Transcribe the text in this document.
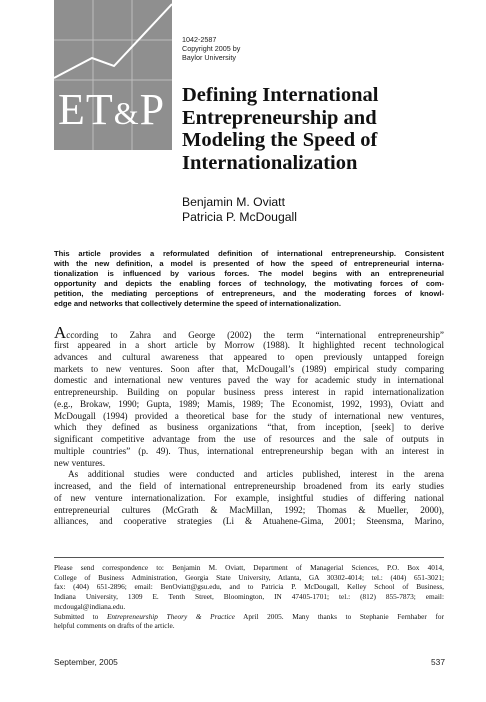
ET&P
1042-2587
Copyright 2005 by
Baylor University
Defining International
Entrepreneurship and
Modeling the Speed of
Internationalization
Benjamin M. Oviatt
Patricia P. McDougall
This article provides a reformulated definition of international entrepreneurship. Consistent
with the new definition, a model is presented of how the speed of entrepreneurial interna-
tionalization is influenced by various forces. The model begins with an entrepreneurial
opportunity and depicts the enabling forces of technology, the motivating forces of com-
petition, the mediating perceptions of entrepreneurs, and the moderating forces of knowl-
edge and networks that collectively determine the speed of internationalization.
According to Zahra and George (2002) the term “international entrepreneurship”
first appeared in a short article by Morrow (1988). It highlighted recent technological
advances and cultural awareness that appeared to open previously untapped foreign
markets to new ventures. Soon after that, McDougall’s (1989) empirical study comparing
domestic and international new ventures paved the way for academic study in international
entrepreneurship. Building on popular business press interest in rapid internationalization
(e.g., Brokaw, 1990; Gupta, 1989; Mamis, 1989; The Economist, 1992, 1993), Oviatt and
McDougall (1994) provided a theoretical base for the study of international new ventures,
which they defined as business organizations “that, from inception, [seek] to derive
significant competitive advantage from the use of resources and the sale of outputs in
multiple countries” (p. 49). Thus, international entrepreneurship began with an interest in
new ventures.
As additional studies were conducted and articles published, interest in the arena
increased, and the field of international entrepreneurship broadened from its early studies
of new venture internationalization. For example, insightful studies of differing national
entrepreneurial cultures (McGrath & MacMillan, 1992; Thomas & Mueller, 2000),
alliances, and cooperative strategies (Li & Atuahene-Gima, 2001; Steensma, Marino,
Please send correspondence to: Benjamin M. Oviatt, Department of Managerial Sciences, P.O. Box 4014,
College of Business Administration, Georgia State University, Atlanta, GA 30302-4014; tel.: (404) 651-3021;
fax: (404) 651-2896; email: BenOviatt@gsu.edu, and to Patricia P. McDougall, Kelley School of Business,
Indiana University, 1309 E. Tenth Street, Bloomington, IN 47405-1701; tel.: (812) 855-7873; email:
mcdougal@indiana.edu.
Submitted to Entrepreneurship Theory & Practice April 2005. Many thanks to Stephanie Fernhaber for
helpful comments on drafts of the article.
September, 2005	537
